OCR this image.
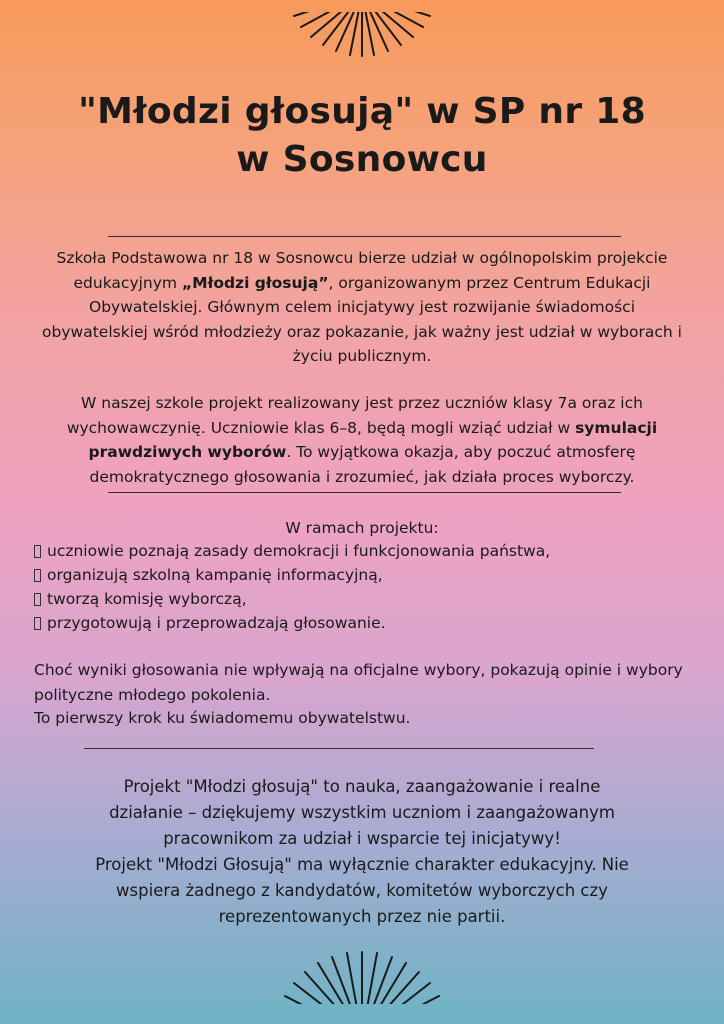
"Młodzi głosują" w SP nr 18
w Sosnowcu

Szkoła Podstawowa nr 18 w Sosnowcu bierze udział w ogólnopolskim projekcie edukacyjnym „Młodzi głosują”, organizowanym przez Centrum Edukacji Obywatelskiej. Głównym celem inicjatywy jest rozwijanie świadomości obywatelskiej wśród młodzieży oraz pokazanie, jak ważny jest udział w wyborach i życiu publicznym.

W naszej szkole projekt realizowany jest przez uczniów klasy 7a oraz ich wychowawczynię. Uczniowie klas 6–8, będą mogli wziąć udział w symulacji prawdziwych wyborów. To wyjątkowa okazja, aby poczuć atmosferę demokratycznego głosowania i zrozumieć, jak działa proces wyborczy.

W ramach projektu:

uczniowie poznają zasady demokracji i funkcjonowania państwa,
organizują szkolną kampanię informacyjną,
tworzą komisję wyborczą,
przygotowują i przeprowadzają głosowanie.

Choć wyniki głosowania nie wpływają na oficjalne wybory, pokazują opinie i wybory polityczne młodego pokolenia.

To pierwszy krok ku świadomemu obywatelstwu.

Projekt "Młodzi głosują" to nauka, zaangażowanie i realne
działanie – dziękujemy wszystkim uczniom i zaangażowanym
pracownikom za udział i wsparcie tej inicjatywy!
Projekt "Młodzi Głosują" ma wyłącznie charakter edukacyjny. Nie
wspiera żadnego z kandydatów, komitetów wyborczych czy
reprezentowanych przez nie partii.
